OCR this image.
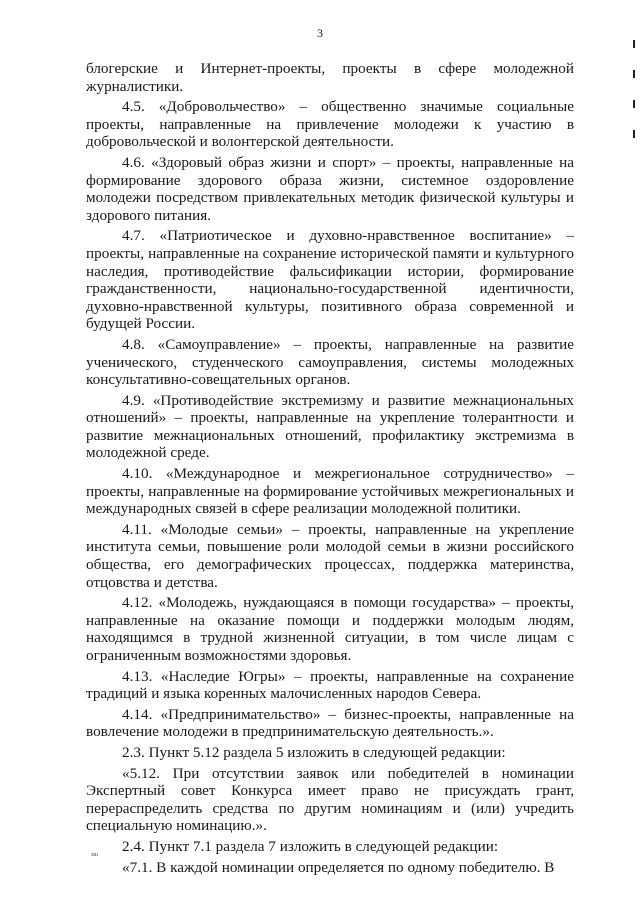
3

блогерские и Интернет-проекты, проекты в сфере молодежной журналистики.

4.5. «Добровольчество» – общественно значимые социальные проекты, направленные на привлечение молодежи к участию в добровольческой и волонтерской деятельности.

4.6. «Здоровый образ жизни и спорт» – проекты, направленные на формирование здорового образа жизни, системное оздоровление молодежи посредством привлекательных методик физической культуры и здорового питания.

4.7. «Патриотическое и духовно-нравственное воспитание» – проекты, направленные на сохранение исторической памяти и культурного наследия, противодействие фальсификации истории, формирование гражданственности, национально-государственной идентичности, духовно-нравственной культуры, позитивного образа современной и будущей России.

4.8. «Самоуправление» – проекты, направленные на развитие ученического, студенческого самоуправления, системы молодежных консультативно-совещательных органов.

4.9. «Противодействие экстремизму и развитие межнациональных отношений» – проекты, направленные на укрепление толерантности и развитие межнациональных отношений, профилактику экстремизма в молодежной среде.

4.10. «Международное и межрегиональное сотрудничество» – проекты, направленные на формирование устойчивых межрегиональных и международных связей в сфере реализации молодежной политики.

4.11. «Молодые семьи» – проекты, направленные на укрепление института семьи, повышение роли молодой семьи в жизни российского общества, его демографических процессах, поддержка материнства, отцовства и детства.

4.12. «Молодежь, нуждающаяся в помощи государства» – проекты, направленные на оказание помощи и поддержки молодым людям, находящимся в трудной жизненной ситуации, в том числе лицам с ограниченным возможностями здоровья.

4.13. «Наследие Югры» – проекты, направленные на сохранение традиций и языка коренных малочисленных народов Севера.

4.14. «Предпринимательство» – бизнес-проекты, направленные на вовлечение молодежи в предпринимательскую деятельность.».

2.3. Пункт 5.12 раздела 5 изложить в следующей редакции:

«5.12. При отсутствии заявок или победителей в номинации Экспертный совет Конкурса имеет право не присуждать грант, перераспределить средства по другим номинациям и (или) учредить специальную номинацию.».

2.4. Пункт 7.1 раздела 7 изложить в следующей редакции:

«7.1. В каждой номинации определяется по одному победителю. В

зш
